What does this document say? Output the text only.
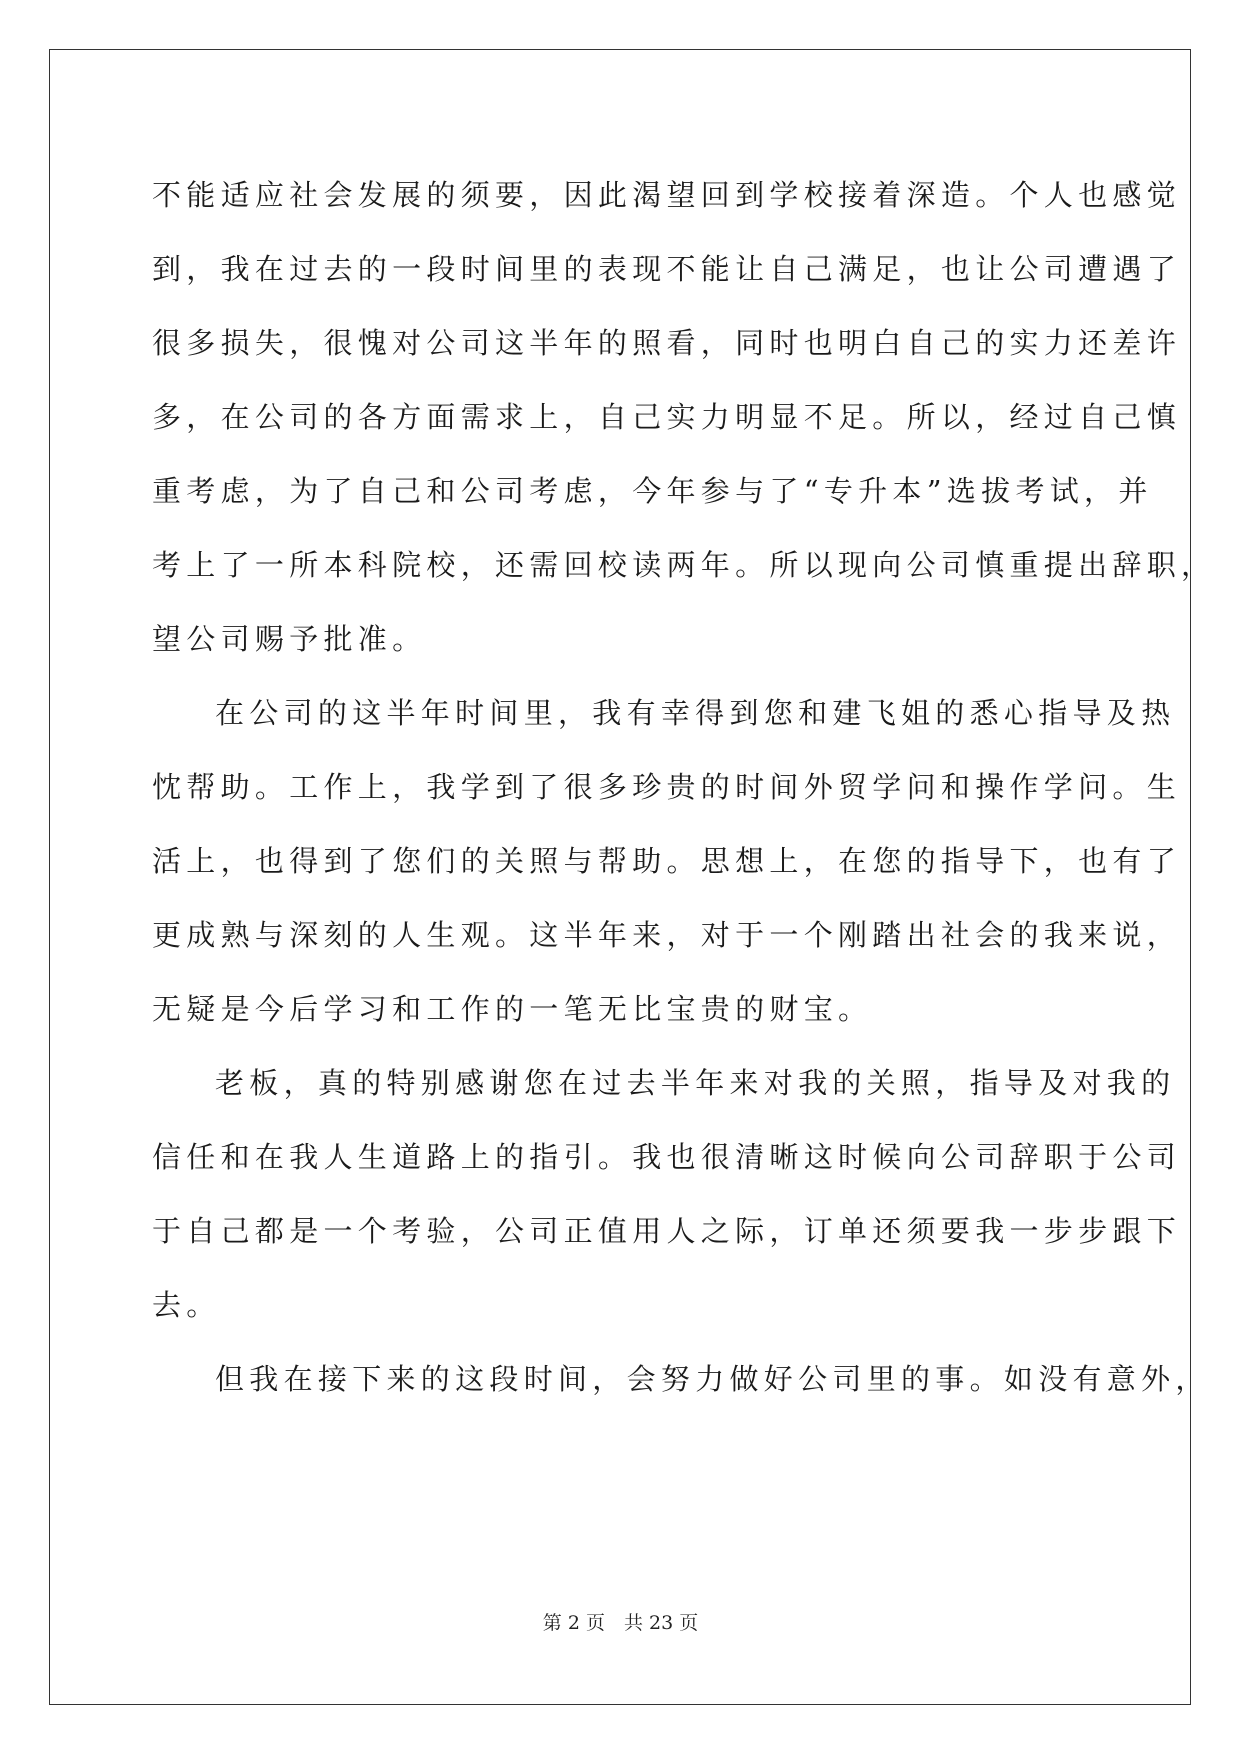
不能适应社会发展的须要，因此渴望回到学校接着深造。个人也感觉
到，我在过去的一段时间里的表现不能让自己满足，也让公司遭遇了
很多损失，很愧对公司这半年的照看，同时也明白自己的实力还差许
多，在公司的各方面需求上，自己实力明显不足。所以，经过自己慎
重考虑，为了自己和公司考虑，今年参与了“专升本”选拔考试，并
考上了一所本科院校，还需回校读两年。所以现向公司慎重提出辞职，
望公司赐予批准。
在公司的这半年时间里，我有幸得到您和建飞姐的悉心指导及热
忱帮助。工作上，我学到了很多珍贵的时间外贸学问和操作学问。生
活上，也得到了您们的关照与帮助。思想上，在您的指导下，也有了
更成熟与深刻的人生观。这半年来，对于一个刚踏出社会的我来说，
无疑是今后学习和工作的一笔无比宝贵的财宝。
老板，真的特别感谢您在过去半年来对我的关照，指导及对我的
信任和在我人生道路上的指引。我也很清晰这时候向公司辞职于公司
于自己都是一个考验，公司正值用人之际，订单还须要我一步步跟下
去。
但我在接下来的这段时间，会努力做好公司里的事。如没有意外，
第 2 页　共 23 页
